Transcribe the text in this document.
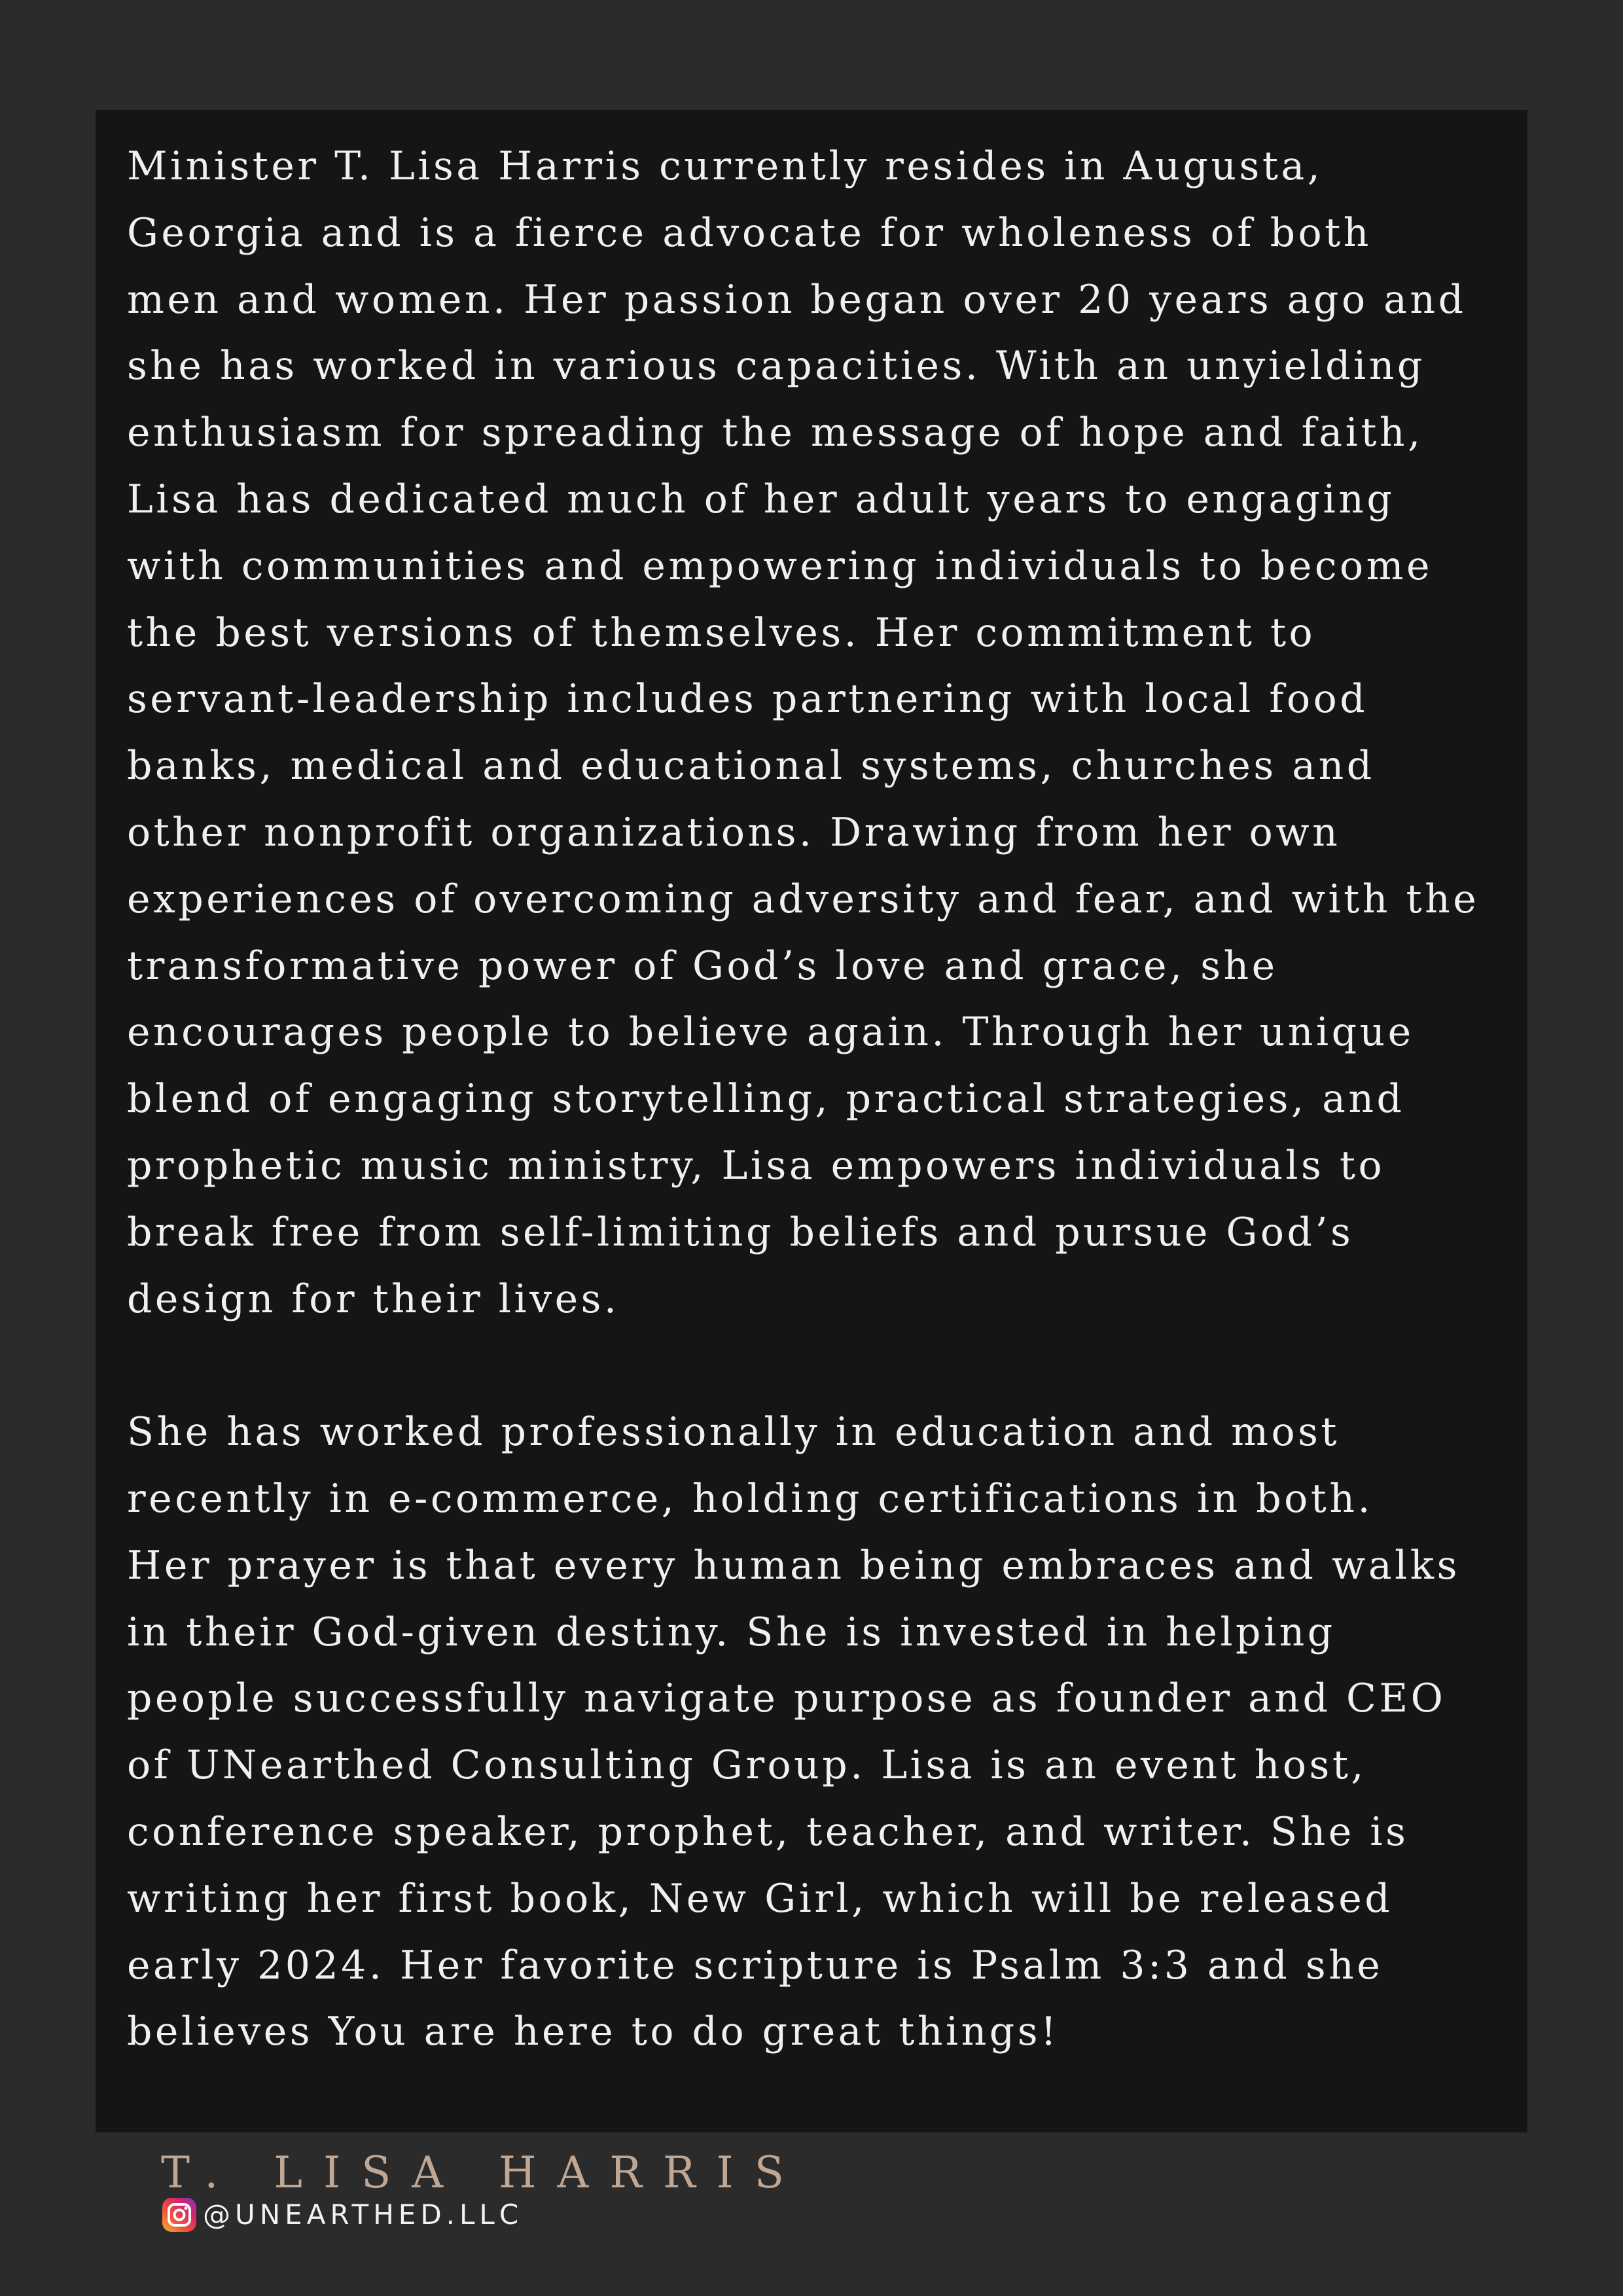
Minister T. Lisa Harris currently resides in Augusta,
Georgia and is a fierce advocate for wholeness of both
men and women. Her passion began over 20 years ago and
she has worked in various capacities. With an unyielding
enthusiasm for spreading the message of hope and faith,
Lisa has dedicated much of her adult years to engaging
with communities and empowering individuals to become
the best versions of themselves. Her commitment to
servant-leadership includes partnering with local food
banks, medical and educational systems, churches and
other nonprofit organizations. Drawing from her own
experiences of overcoming adversity and fear, and with the
transformative power of God’s love and grace, she
encourages people to believe again. Through her unique
blend of engaging storytelling, practical strategies, and
prophetic music ministry, Lisa empowers individuals to
break free from self-limiting beliefs and pursue God’s
design for their lives.
She has worked professionally in education and most
recently in e-commerce, holding certifications in both.
Her prayer is that every human being embraces and walks
in their God-given destiny. She is invested in helping
people successfully navigate purpose as founder and CEO
of UNearthed Consulting Group. Lisa is an event host,
conference speaker, prophet, teacher, and writer. She is
writing her first book, New Girl, which will be released
early 2024. Her favorite scripture is Psalm 3:3 and she
believes You are here to do great things!

T. LISA HARRIS
@UNEARTHED.LLC
